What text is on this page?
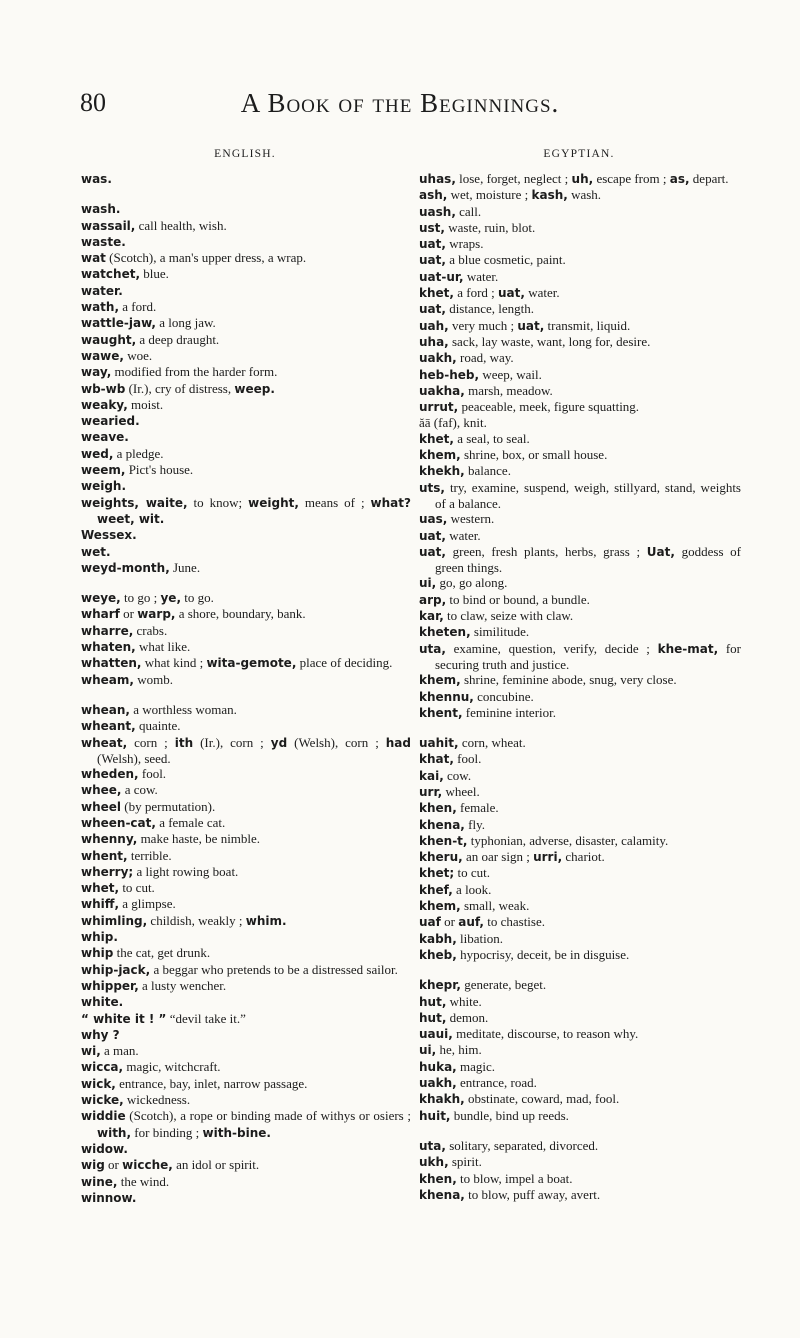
80	A Book of the Beginnings.
ENGLISH.	EGYPTIAN.
was.
wash.
wassail, call health, wish.
waste.
wat (Scotch), a man's upper dress, a wrap.
watchet, blue.
water.
wath, a ford.
wattle-jaw, a long jaw.
waught, a deep draught.
wawe, woe.
way, modified from the harder form.
wb-wb (Ir.), cry of distress, weep.
weaky, moist.
wearied.
weave.
wed, a pledge.
weem, Pict's house.
weigh.
weights, waite, to know; weight, means of ; what? weet, wit.
Wessex.
wet.
weyd-month, June.
weye, to go ; ye, to go.
wharf or warp, a shore, boundary, bank.
wharre, crabs.
whaten, what like.
whatten, what kind ; wita-gemote, place of deciding.
wheam, womb.
whean, a worthless woman.
wheant, quainte.
wheat, corn ; ith (Ir.), corn ; yd (Welsh), corn ; had (Welsh), seed.
wheden, fool.
whee, a cow.
wheel (by permutation).
wheen-cat, a female cat.
whenny, make haste, be nimble.
whent, terrible.
wherry; a light rowing boat.
whet, to cut.
whiff, a glimpse.
whimling, childish, weakly ; whim.
whip.
whip the cat, get drunk.
whip-jack, a beggar who pretends to be a distressed sailor.
whipper, a lusty wencher.
white.
“ white it ! ” “devil take it.”
why ?
wi, a man.
wicca, magic, witchcraft.
wick, entrance, bay, inlet, narrow passage.
wicke, wickedness.
widdie (Scotch), a rope or binding made of withys or osiers ; with, for binding ; with-bine.
widow.
wig or wicche, an idol or spirit.
wine, the wind.
winnow.
uhas, lose, forget, neglect ; uh, escape from ; as, depart.
ash, wet, moisture ; kash, wash.
uash, call.
ust, waste, ruin, blot.
uat, wraps.
uat, a blue cosmetic, paint.
uat-ur, water.
khet, a ford ; uat, water.
uat, distance, length.
uah, very much ; uat, transmit, liquid.
uha, sack, lay waste, want, long for, desire.
uakh, road, way.
heb-heb, weep, wail.
uakha, marsh, meadow.
urrut, peaceable, meek, figure squatting.
ăā (faf), knit.
khet, a seal, to seal.
khem, shrine, box, or small house.
khekh, balance.
uts, try, examine, suspend, weigh, stillyard, stand, weights of a balance.
uas, western.
uat, water.
uat, green, fresh plants, herbs, grass ; Uat, goddess of green things.
ui, go, go along.
arp, to bind or bound, a bundle.
kar, to claw, seize with claw.
kheten, similitude.
uta, examine, question, verify, decide ; khe-mat, for securing truth and justice.
khem, shrine, feminine abode, snug, very close.
khennu, concubine.
khent, feminine interior.
uahit, corn, wheat.
khat, fool.
kai, cow.
urr, wheel.
khen, female.
khena, fly.
khen-t, typhonian, adverse, disaster, calamity.
kheru, an oar sign ; urri, chariot.
khet; to cut.
khef, a look.
khem, small, weak.
uaf or auf, to chastise.
kabh, libation.
kheb, hypocrisy, deceit, be in disguise.
khepr, generate, beget.
hut, white.
hut, demon.
uaui, meditate, discourse, to reason why.
ui, he, him.
huka, magic.
uakh, entrance, road.
khakh, obstinate, coward, mad, fool.
huit, bundle, bind up reeds.
uta, solitary, separated, divorced.
ukh, spirit.
khen, to blow, impel a boat.
khena, to blow, puff away, avert.
